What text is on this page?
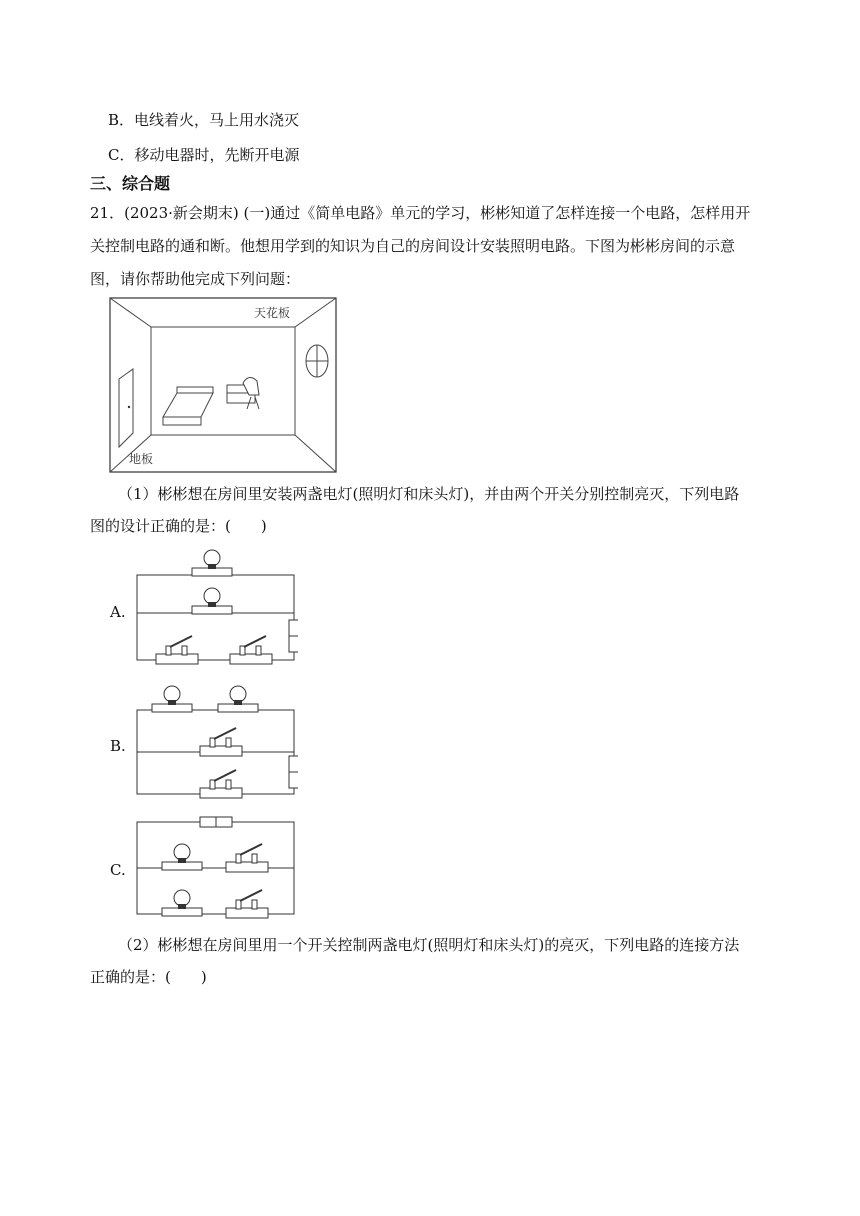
B．电线着火，马上用水浇灭
C．移动电器时，先断开电源
三、综合题
21．(2023·新会期末) (一)通过《简单电路》单元的学习，彬彬知道了怎样连接一个电路，怎样用开
关控制电路的通和断。他想用学到的知识为自己的房间设计安装照明电路。下图为彬彬房间的示意
图，请你帮助他完成下列问题：
天花板
地板
（1）彬彬想在房间里安装两盏电灯(照明灯和床头灯)，并由两个开关分别控制亮灭，下列电路
图的设计正确的是：(　　)
A.
B.
C.
（2）彬彬想在房间里用一个开关控制两盏电灯(照明灯和床头灯)的亮灭，下列电路的连接方法
正确的是：(　　)
